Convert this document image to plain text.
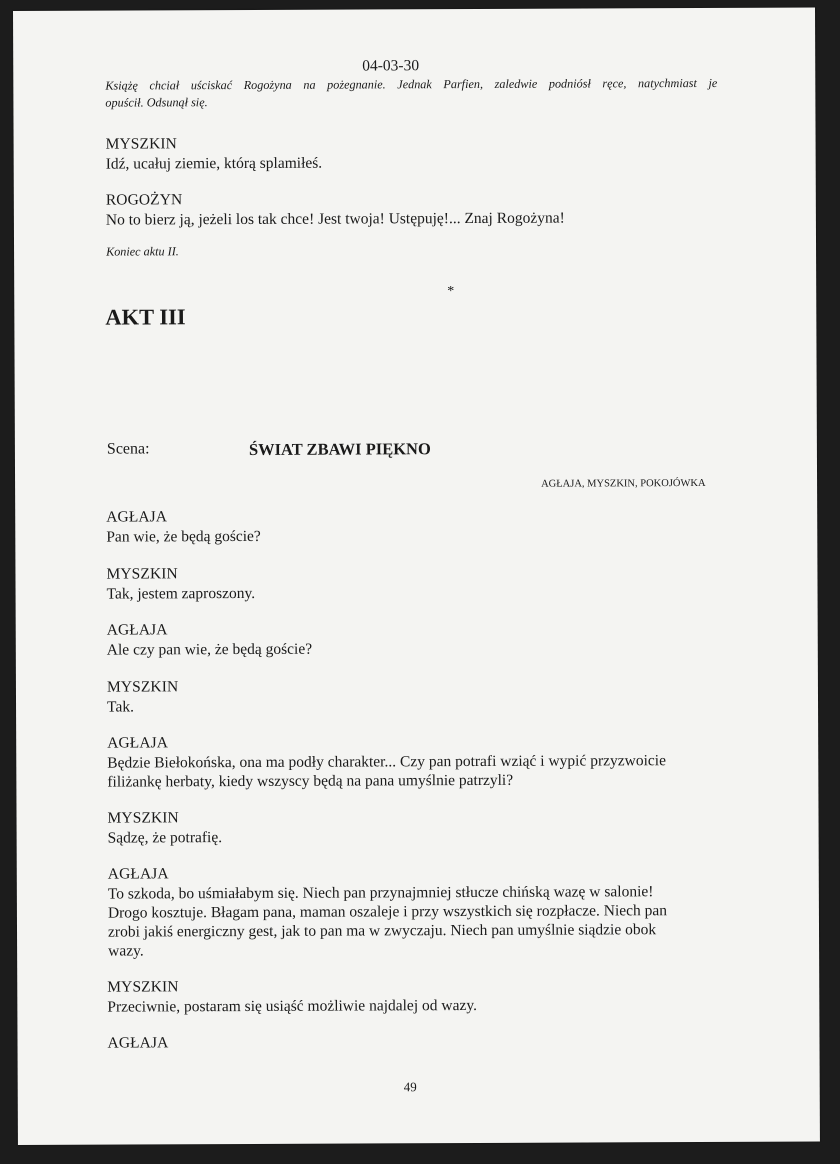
04-03-30
Książę chciał uściskać Rogożyna na pożegnanie. Jednak Parfien, zaledwie podniósł ręce, natychmiast je
opuścił. Odsunął się.
MYSZKIN
Idź, ucałuj ziemie, którą splamiłeś.
ROGOŻYN
No to bierz ją, jeżeli los tak chce! Jest twoja! Ustępuję!... Znaj Rogożyna!
Koniec aktu II.
*
AKT III
Scena:	ŚWIAT ZBAWI PIĘKNO
AGŁAJA, MYSZKIN, POKOJÓWKA
AGŁAJA
Pan wie, że będą goście?
MYSZKIN
Tak, jestem zaproszony.
AGŁAJA
Ale czy pan wie, że będą goście?
MYSZKIN
Tak.
AGŁAJA
Będzie Biełokońska, ona ma podły charakter... Czy pan potrafi wziąć i wypić przyzwoicie
filiżankę herbaty, kiedy wszyscy będą na pana umyślnie patrzyli?
MYSZKIN
Sądzę, że potrafię.
AGŁAJA
To szkoda, bo uśmiałabym się. Niech pan przynajmniej stłucze chińską wazę w salonie!
Drogo kosztuje. Błagam pana, maman oszaleje i przy wszystkich się rozpłacze. Niech pan
zrobi jakiś energiczny gest, jak to pan ma w zwyczaju. Niech pan umyślnie siądzie obok
wazy.
MYSZKIN
Przeciwnie, postaram się usiąść możliwie najdalej od wazy.
AGŁAJA
49
